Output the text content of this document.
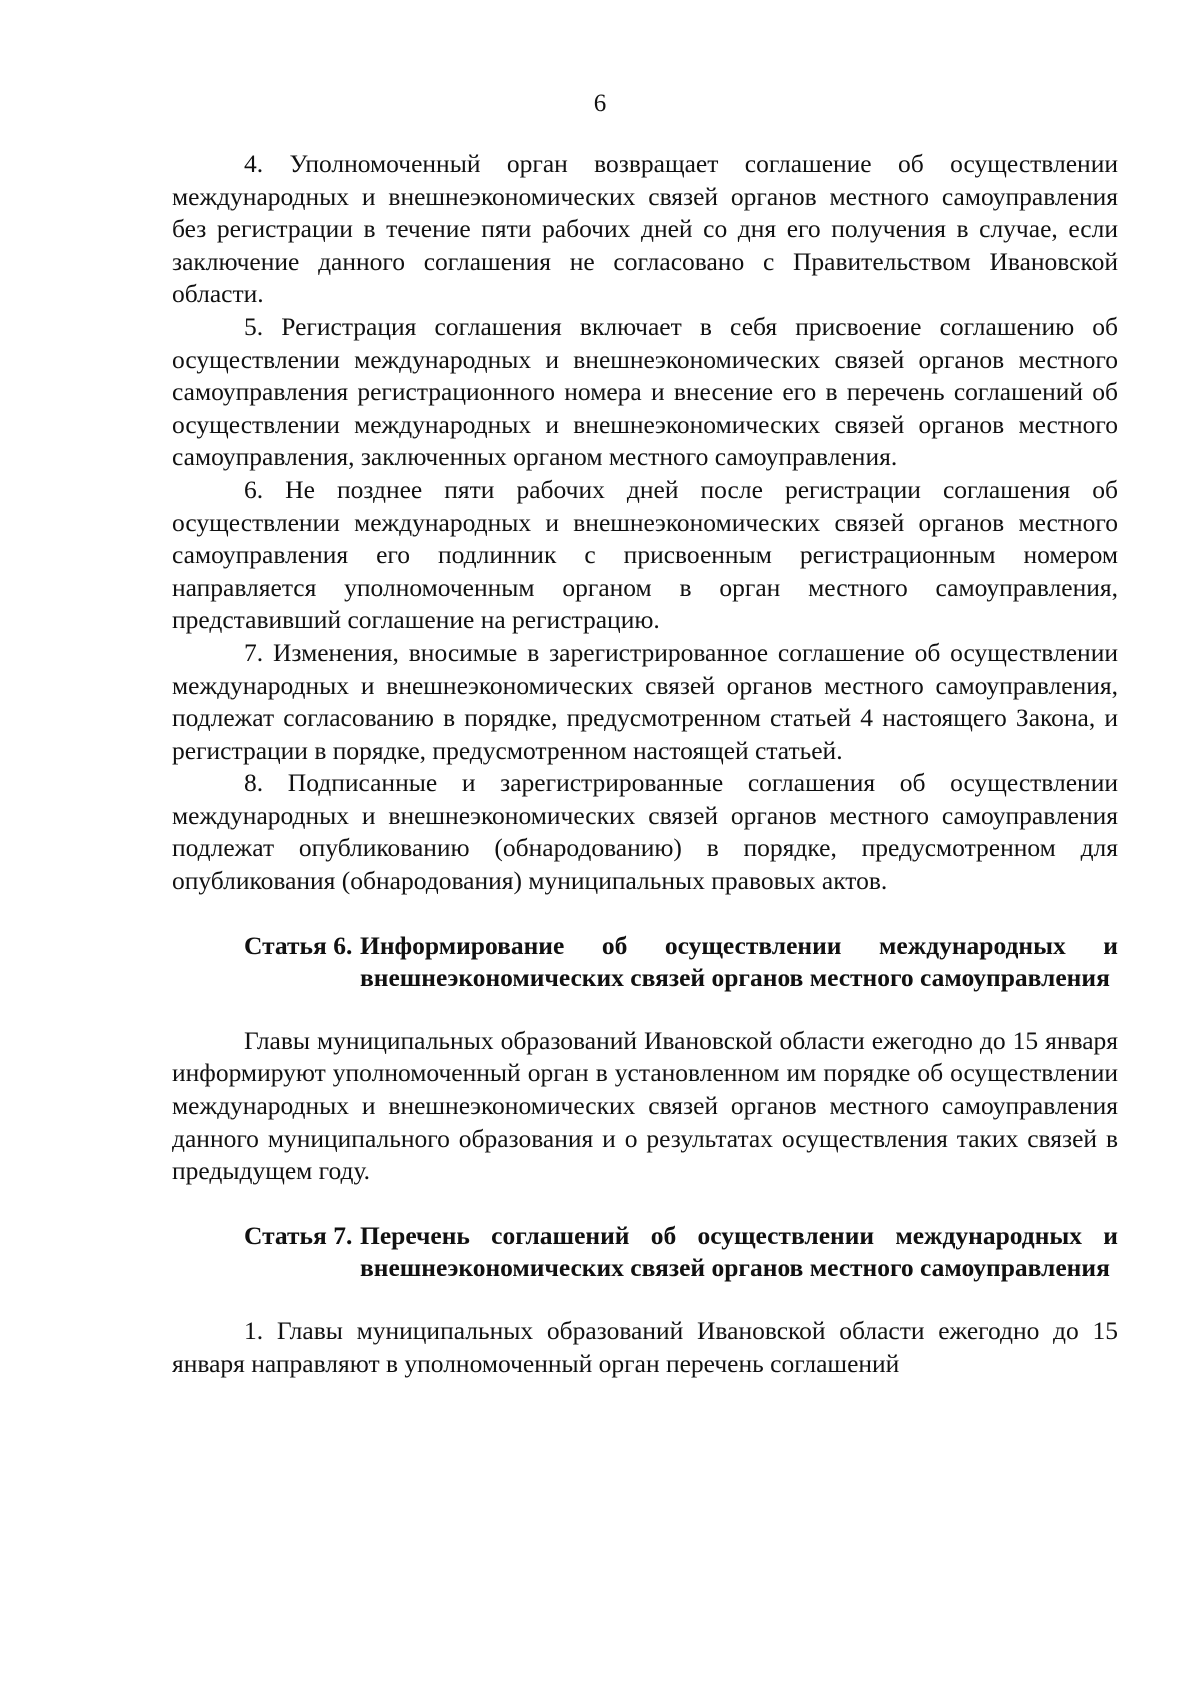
6

4. Уполномоченный орган возвращает соглашение об осуществлении международных и внешнеэкономических связей органов местного самоуправления без регистрации в течение пяти рабочих дней со дня его получения в случае, если заключение данного соглашения не согласовано с Правительством Ивановской области.

5. Регистрация соглашения включает в себя присвоение соглашению об осуществлении международных и внешнеэкономических связей органов местного самоуправления регистрационного номера и внесение его в перечень соглашений об осуществлении международных и внешнеэкономических связей органов местного самоуправления, заключенных органом местного самоуправления.

6. Не позднее пяти рабочих дней после регистрации соглашения об осуществлении международных и внешнеэкономических связей органов местного самоуправления его подлинник с присвоенным регистрационным номером направляется уполномоченным органом в орган местного самоуправления, представивший соглашение на регистрацию.

7. Изменения, вносимые в зарегистрированное соглашение об осуществлении международных и внешнеэкономических связей органов местного самоуправления, подлежат согласованию в порядке, предусмотренном статьей 4 настоящего Закона, и регистрации в порядке, предусмотренном настоящей статьей.

8. Подписанные и зарегистрированные соглашения об осуществлении международных и внешнеэкономических связей органов местного самоуправления подлежат опубликованию (обнародованию) в порядке, предусмотренном для опубликования (обнародования) муниципальных правовых актов.

Статья 6. Информирование об осуществлении международных и внешнеэкономических связей органов местного самоуправления

Главы муниципальных образований Ивановской области ежегодно до 15 января информируют уполномоченный орган в установленном им порядке об осуществлении международных и внешнеэкономических связей органов местного самоуправления данного муниципального образования и о результатах осуществления таких связей в предыдущем году.

Статья 7. Перечень соглашений об осуществлении международных и внешнеэкономических связей органов местного самоуправления

1. Главы муниципальных образований Ивановской области ежегодно до 15 января направляют в уполномоченный орган перечень соглашений
